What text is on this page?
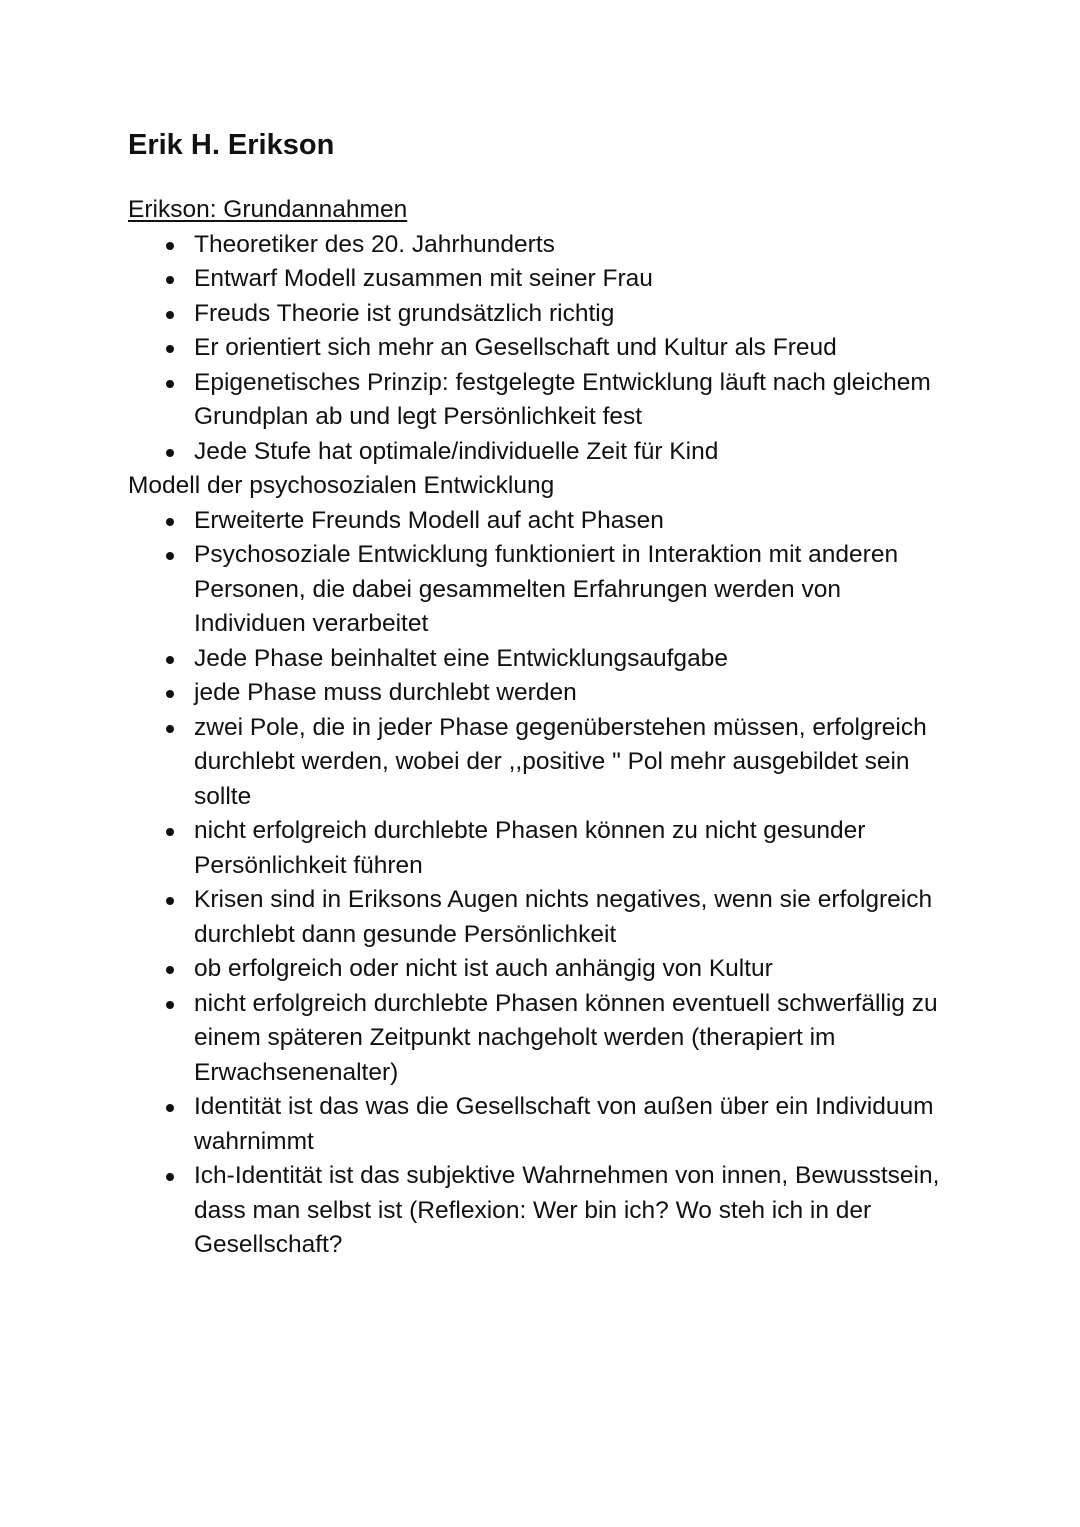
Erik H. Erikson

Erikson: Grundannahmen

Theoretiker des 20. Jahrhunderts
Entwarf Modell zusammen mit seiner Frau
Freuds Theorie ist grundsätzlich richtig
Er orientiert sich mehr an Gesellschaft und Kultur als Freud
Epigenetisches Prinzip: festgelegte Entwicklung läuft nach gleichem Grundplan ab und legt Persönlichkeit fest
Jede Stufe hat optimale/individuelle Zeit für Kind

Modell der psychosozialen Entwicklung

Erweiterte Freunds Modell auf acht Phasen
Psychosoziale Entwicklung funktioniert in Interaktion mit anderen Personen, die dabei gesammelten Erfahrungen werden von Individuen verarbeitet
Jede Phase beinhaltet eine Entwicklungsaufgabe
jede Phase muss durchlebt werden
zwei Pole, die in jeder Phase gegenüberstehen müssen, erfolgreich durchlebt werden, wobei der ,,positive " Pol mehr ausgebildet sein sollte
nicht erfolgreich durchlebte Phasen können zu nicht gesunder Persönlichkeit führen
Krisen sind in Eriksons Augen nichts negatives, wenn sie erfolgreich durchlebt dann gesunde Persönlichkeit
ob erfolgreich oder nicht ist auch anhängig von Kultur
nicht erfolgreich durchlebte Phasen können eventuell schwerfällig zu einem späteren Zeitpunkt nachgeholt werden (therapiert im Erwachsenenalter)
Identität ist das was die Gesellschaft von außen über ein Individuum wahrnimmt
Ich-Identität ist das subjektive Wahrnehmen von innen, Bewusstsein, dass man selbst ist (Reflexion: Wer bin ich? Wo steh ich in der Gesellschaft?
